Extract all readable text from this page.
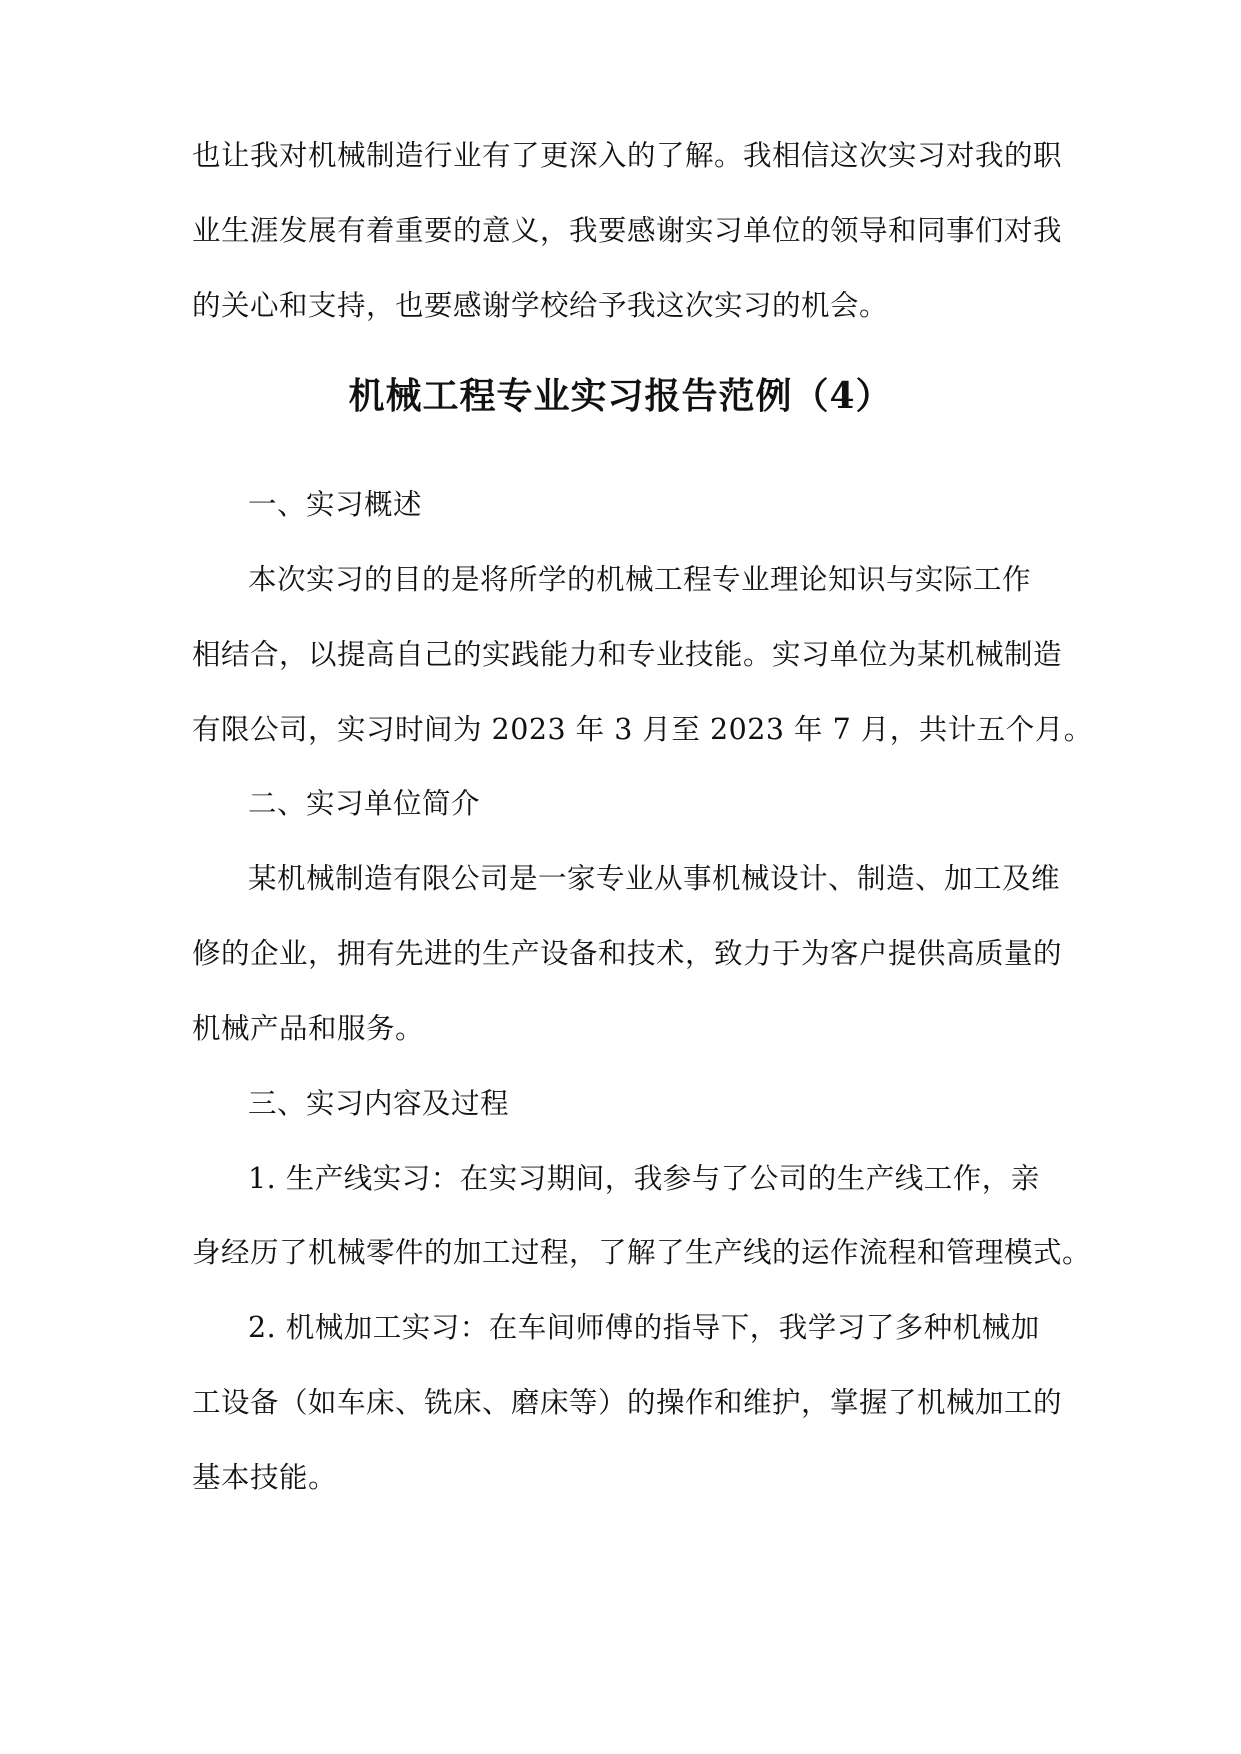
也让我对机械制造行业有了更深入的了解。我相信这次实习对我的职
业生涯发展有着重要的意义，我要感谢实习单位的领导和同事们对我
的关心和支持，也要感谢学校给予我这次实习的机会。
机械工程专业实习报告范例（4）
一、实习概述
本次实习的目的是将所学的机械工程专业理论知识与实际工作
相结合，以提高自己的实践能力和专业技能。实习单位为某机械制造
有限公司，实习时间为 2023 年 3 月至 2023 年 7 月，共计五个月。
二、实习单位简介
某机械制造有限公司是一家专业从事机械设计、制造、加工及维
修的企业，拥有先进的生产设备和技术，致力于为客户提供高质量的
机械产品和服务。
三、实习内容及过程
1. 生产线实习：在实习期间，我参与了公司的生产线工作，亲
身经历了机械零件的加工过程，了解了生产线的运作流程和管理模式。
2. 机械加工实习：在车间师傅的指导下，我学习了多种机械加
工设备（如车床、铣床、磨床等）的操作和维护，掌握了机械加工的
基本技能。
